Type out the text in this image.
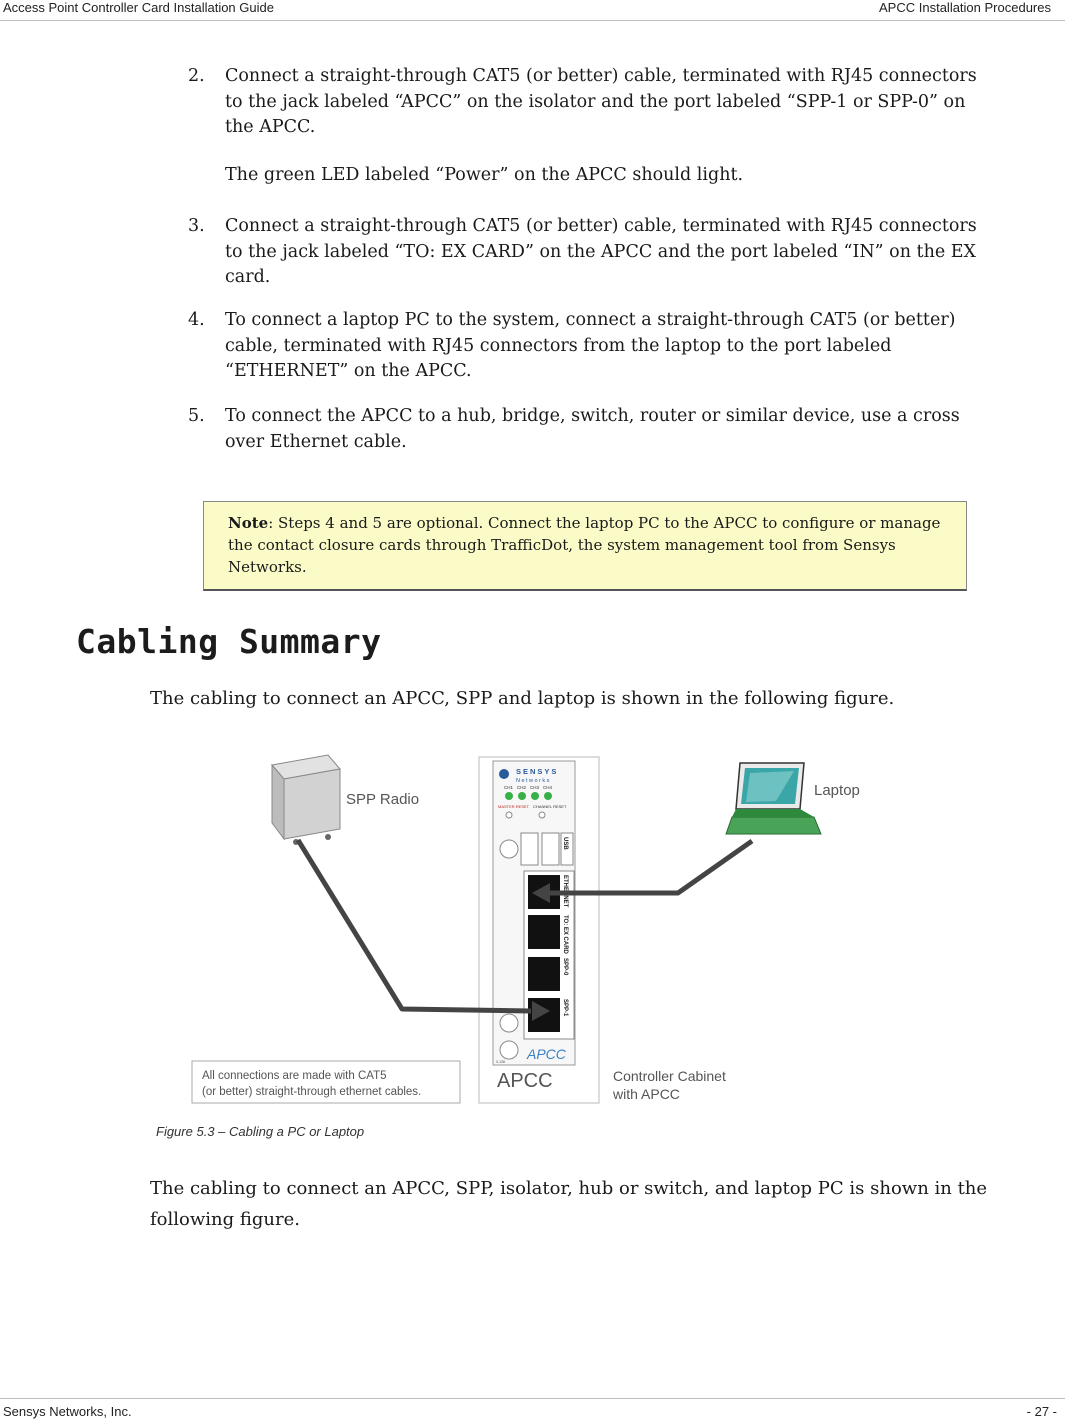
Access Point Controller Card Installation Guide	APCC Installation Procedures
2.	Connect a straight-through CAT5 (or better) cable, terminated with RJ45 connectors to the jack labeled “APCC” on the isolator and the port labeled “SPP-1 or SPP-0” on the APCC.
The green LED labeled “Power” on the APCC should light.
3.	Connect a straight-through CAT5 (or better) cable, terminated with RJ45 connectors to the jack labeled “TO: EX CARD” on the APCC and the port labeled “IN” on the EX card.
4.	To connect a laptop PC to the system, connect a straight-through CAT5 (or better) cable, terminated with RJ45 connectors from the laptop to the port labeled “ETHERNET” on the APCC.
5.	To connect the APCC to a hub, bridge, switch, router or similar device, use a cross over Ethernet cable.
Note: Steps 4 and 5 are optional. Connect the laptop PC to the APCC to configure or manage the contact closure cards through TrafficDot, the system management tool from Sensys Networks.
Cabling Summary
The cabling to connect an APCC, SPP and laptop is shown in the following figure.
SPP Radio
SENSYS
Networks
CH1 CH2 CH3 CH4
MASTER RESET CHANNEL RESET
USB
ETHERNET
TO: EX CARD
SPP-0
SPP-1
APCC
0-138
APCC
Laptop
Controller Cabinet
with APCC
All connections are made with CAT5
(or better) straight-through ethernet cables.
Figure 5.3 – Cabling a PC or Laptop
The cabling to connect an APCC, SPP, isolator, hub or switch, and laptop PC is shown in the following figure.
Sensys Networks, Inc.	- 27 -
